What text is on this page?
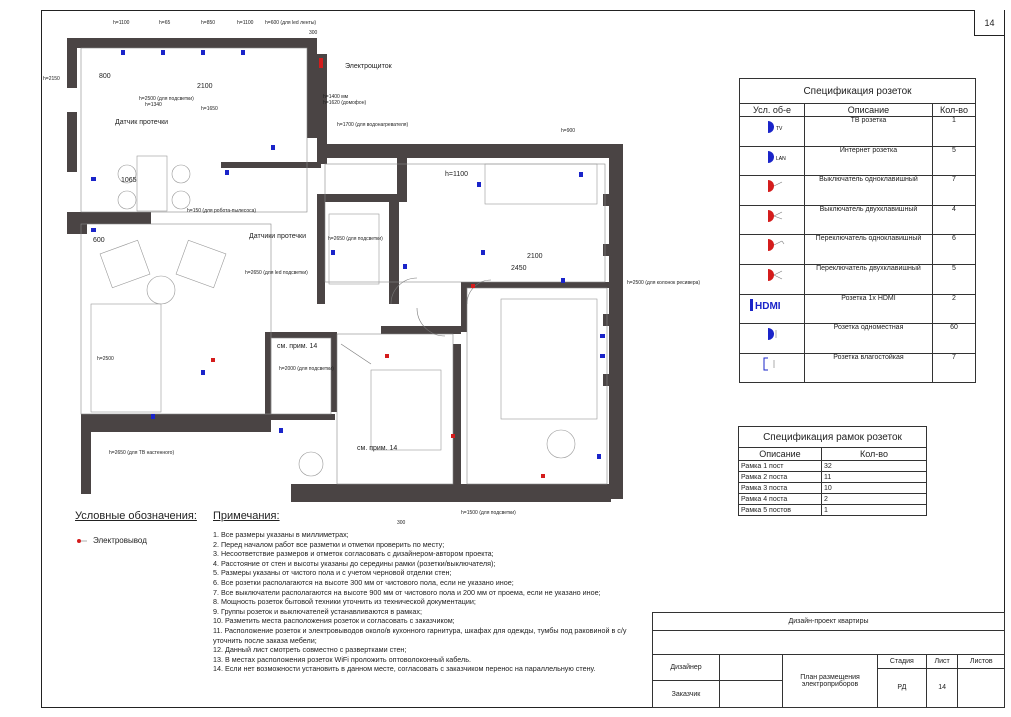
14
h=1100	h=65	h=850	h=1100 h=600 (для led ленты)
300
800
2100
h=2500 (для подсветки)
h=1340
h=1650
h=1400 мм
h=1620 (домофон)
h=1700 (для водонагревателя)
h=900
h=2150
1065
h=150 (для робота-пылесоса)
600
h=1100
h=2650 (для подсветки)
h=2650 (для led подсветки)
2450
2100
h=2500 (для колонок ресивера)
h=2500
h=2000 (для подсветки)
h=2650 (для ТВ настенного)
300
h=1500 (для подсветки)
Датчик протечки
Датчики протечки
Электрощиток
см. прим. 14
см. прим. 14
Спецификация розеток		
Усл. об-е	Описание	Кол-во

TV	ТВ розетка	1

LAN	Интернет розетка	5
	Выключатель одноклавишный	7
	Выключатель двухклавишный	4
	Переключатель одноклавишный	6
	Переключатель двухклавишный	5

HDMI	Розетка 1х HDMI	2
	Розетка одноместная	60
	Розетка влагостойкая	7
Спецификация рамок розеток	
Описание	Кол-во
Рамка 1 пост	32
Рамка 2 поста	11
Рамка 3 поста	10
Рамка 4 поста	2
Рамка 5 постов	1
Условные обозначения:
Электровывод
Примечания:
1. Все размеры указаны в миллиметрах;
2. Перед началом работ все разметки и отметки проверить по месту;
3. Несоответствие размеров и отметок согласовать с дизайнером-автором проекта;
4. Расстояние от стен и высоты указаны до середины рамки (розетки/выключателя);
5. Размеры указаны от чистого пола и с учетом черновой отделки стен;
6. Все розетки располагаются на высоте 300 мм от чистового пола, если не указано иное;
7. Все выключатели располагаются на высоте 900 мм от чистового пола и 200 мм от проема, если не указано иное;
8. Мощность розеток бытовой техники уточнить из технической документации;
9. Группы розеток и выключателей устанавливаются в рамках;
10. Разметить места расположения розеток и согласовать с заказчиком;
11. Расположение розеток и электровыводов около/в кухонного гарнитура, шкафах для одежды, тумбы под раковиной в с/у уточнить после заказа мебели;
12. Данный лист смотреть совместно с развертками стен;
13. В местах расположения розеток WiFi проложить оптоволоконный кабель.
14. Если нет возможности установить в данном месте, согласовать с заказчиком перенос на параллельную стену.
Дизайн-проект квартиры					

Дизайнер		План размещения электроприборов	Стадия	Лист	Листов
			РД	14	
Заказчик					
